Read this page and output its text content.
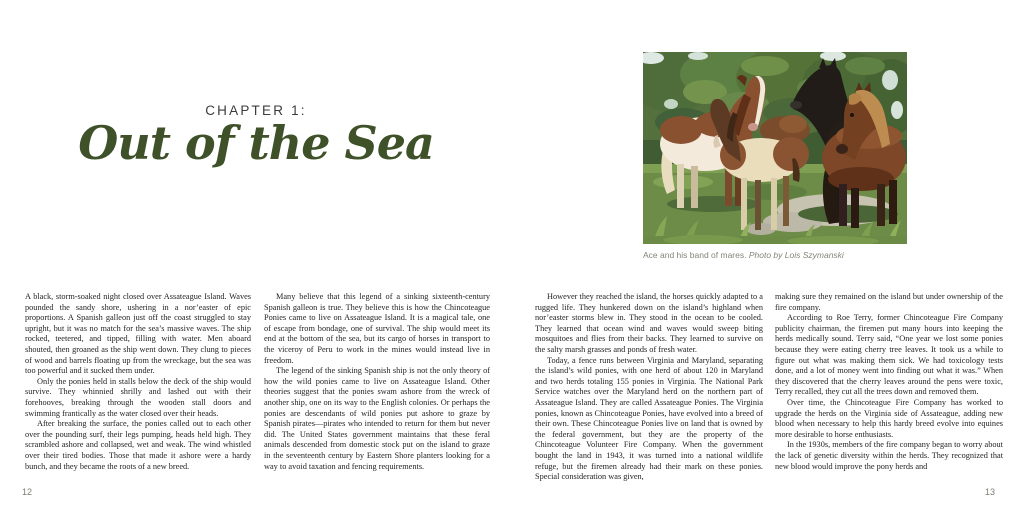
CHAPTER 1:
Out of the Sea

A black, storm-soaked night closed over Assateague Island. Waves pounded the sandy shore, ushering in a nor’easter of epic proportions. A Spanish galleon just off the coast struggled to stay upright, but it was no match for the sea’s massive waves. The ship rocked, teetered, and tipped, filling with water. Men aboard shouted, then groaned as the ship went down. They clung to pieces of wood and barrels floating up from the wreckage, but the sea was too powerful and it sucked them under.

Only the ponies held in stalls below the deck of the ship would survive. They whinnied shrilly and lashed out with their forehooves, breaking through the wooden stall doors and swimming frantically as the water closed over their heads.

After breaking the surface, the ponies called out to each other over the pounding surf, their legs pumping, heads held high. They scrambled ashore and collapsed, wet and weak. The wind whistled over their tired bodies. Those that made it ashore were a hardy bunch, and they became the roots of a new breed.

Many believe that this legend of a sinking sixteenth-century Spanish galleon is true. They believe this is how the Chincoteague Ponies came to live on Assateague Island. It is a magical tale, one of escape from bondage, one of survival. The ship would meet its end at the bottom of the sea, but its cargo of horses in transport to the viceroy of Peru to work in the mines would instead live in freedom.

The legend of the sinking Spanish ship is not the only theory of how the wild ponies came to live on Assateague Island. Other theories suggest that the ponies swam ashore from the wreck of another ship, one on its way to the English colonies. Or perhaps the ponies are descendants of wild ponies put ashore to graze by Spanish pirates—pirates who intended to return for them but never did. The United States government maintains that these feral animals descended from domestic stock put on the island to graze in the seventeenth century by Eastern Shore planters looking for a way to avoid taxation and fencing requirements.

12
Ace and his band of mares. Photo by Lois Szymanski

However they reached the island, the horses quickly adapted to a rugged life. They hunkered down on the island’s highland when nor’easter storms blew in. They stood in the ocean to be cooled. They learned that ocean wind and waves would sweep biting mosquitoes and flies from their backs. They learned to survive on the salty marsh grasses and ponds of fresh water.

Today, a fence runs between Virginia and Maryland, separating the island’s wild ponies, with one herd of about 120 in Maryland and two herds totaling 155 ponies in Virginia. The National Park Service watches over the Maryland herd on the northern part of Assateague Island. They are called Assateague Ponies. The Virginia ponies, known as Chincoteague Ponies, have evolved into a breed of their own. These Chincoteague Ponies live on land that is owned by the federal government, but they are the property of the Chincoteague Volunteer Fire Company. When the government bought the land in 1943, it was turned into a national wildlife refuge, but the firemen already had their mark on these ponies. Special consideration was given,

making sure they remained on the island but under ownership of the fire company.

According to Roe Terry, former Chincoteague Fire Company publicity chairman, the firemen put many hours into keeping the herds medically sound. Terry said, “One year we lost some ponies because they were eating cherry tree leaves. It took us a while to figure out what was making them sick. We had toxicology tests done, and a lot of money went into finding out what it was.” When they discovered that the cherry leaves around the pens were toxic, Terry recalled, they cut all the trees down and removed them.

Over time, the Chincoteague Fire Company has worked to upgrade the herds on the Virginia side of Assateague, adding new blood when necessary to help this hardy breed evolve into equines more desirable to horse enthusiasts.

In the 1930s, members of the fire company began to worry about the lack of genetic diversity within the herds. They recognized that new blood would improve the pony herds and

13
